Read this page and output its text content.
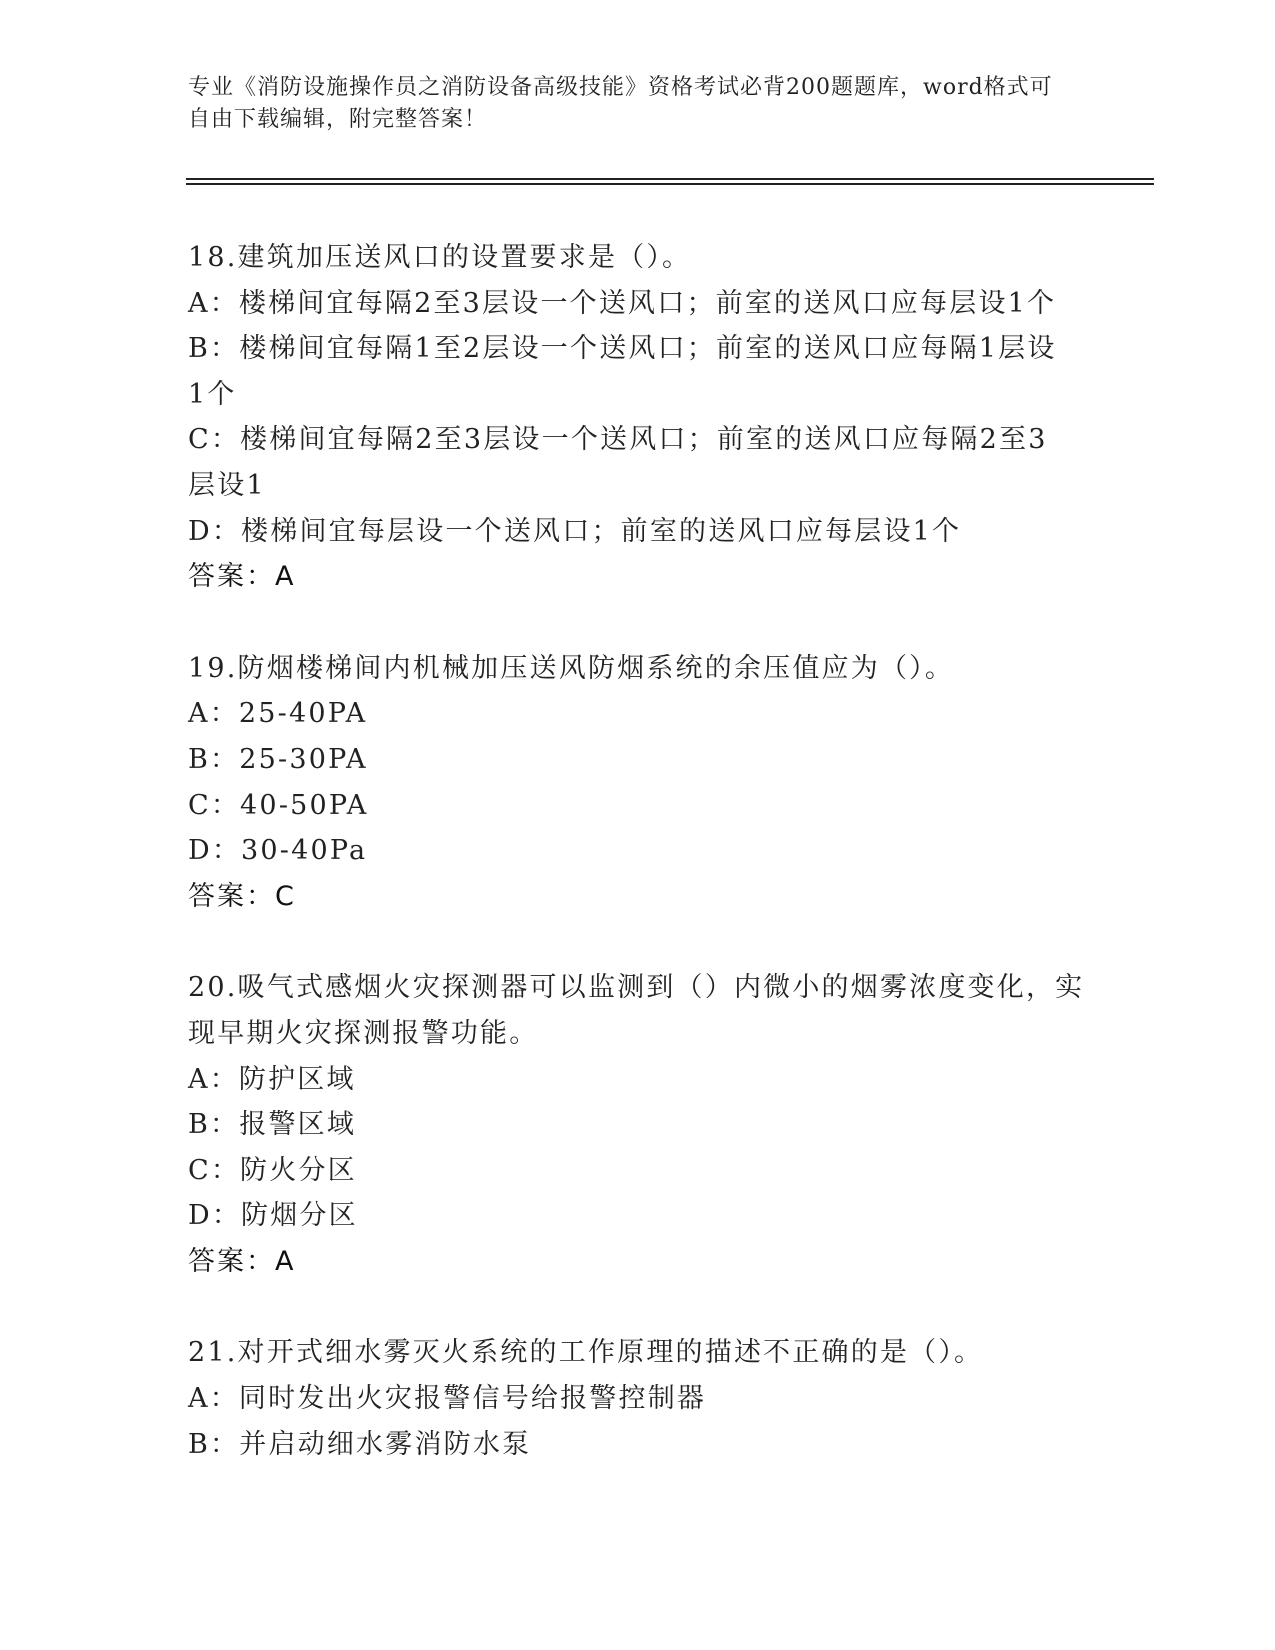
专业《消防设施操作员之消防设备高级技能》资格考试必背200题题库，word格式可自由下载编辑，附完整答案！
18.建筑加压送风口的设置要求是（）。
A：楼梯间宜每隔2至3层设一个送风口；前室的送风口应每层设1个
B：楼梯间宜每隔1至2层设一个送风口；前室的送风口应每隔1层设
1个
C：楼梯间宜每隔2至3层设一个送风口；前室的送风口应每隔2至3
层设1
D：楼梯间宜每层设一个送风口；前室的送风口应每层设1个
答案：A
19.防烟楼梯间内机械加压送风防烟系统的余压值应为（）。
A：25-40PA
B：25-30PA
C：40-50PA
D：30-40Pa
答案：C
20.吸气式感烟火灾探测器可以监测到（）内微小的烟雾浓度变化，实
现早期火灾探测报警功能。
A：防护区域
B：报警区域
C：防火分区
D：防烟分区
答案：A
21.对开式细水雾灭火系统的工作原理的描述不正确的是（）。
A：同时发出火灾报警信号给报警控制器
B：并启动细水雾消防水泵
